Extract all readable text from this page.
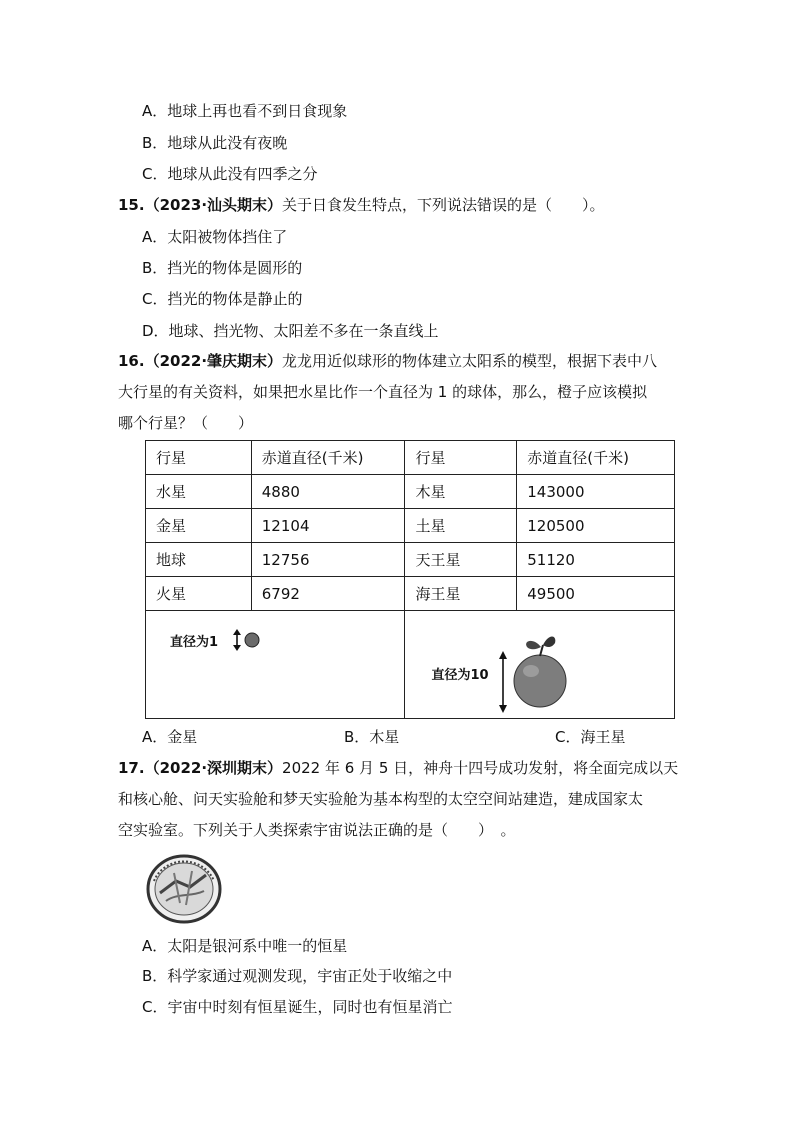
A．地球上再也看不到日食现象
B．地球从此没有夜晚
C．地球从此没有四季之分
15.（2023·汕头期末）关于日食发生特点，下列说法错误的是（　　）。
A．太阳被物体挡住了
B．挡光的物体是圆形的
C．挡光的物体是静止的
D．地球、挡光物、太阳差不多在一条直线上
16.（2022·肇庆期末）龙龙用近似球形的物体建立太阳系的模型，根据下表中八
大行星的有关资料，如果把水星比作一个直径为 1 的球体，那么，橙子应该模拟
哪个行星？（　　）
行星	赤道直径(千米)	行星	赤道直径(千米)
水星	4880	木星	143000
金星	12104	土星	120500
地球	12756	天王星	51120
火星	6792	海王星	49500

直径为1		直径为10	
A．金星	B．木星	C．海王星
17.（2022·深圳期末）2022 年 6 月 5 日，神舟十四号成功发射，将全面完成以天
和核心舱、问天实验舱和梦天实验舱为基本构型的太空空间站建造，建成国家太
空实验室。下列关于人类探索宇宙说法正确的是（　　）　。
A．太阳是银河系中唯一的恒星
B．科学家通过观测发现，宇宙正处于收缩之中
C．宇宙中时刻有恒星诞生，同时也有恒星消亡
